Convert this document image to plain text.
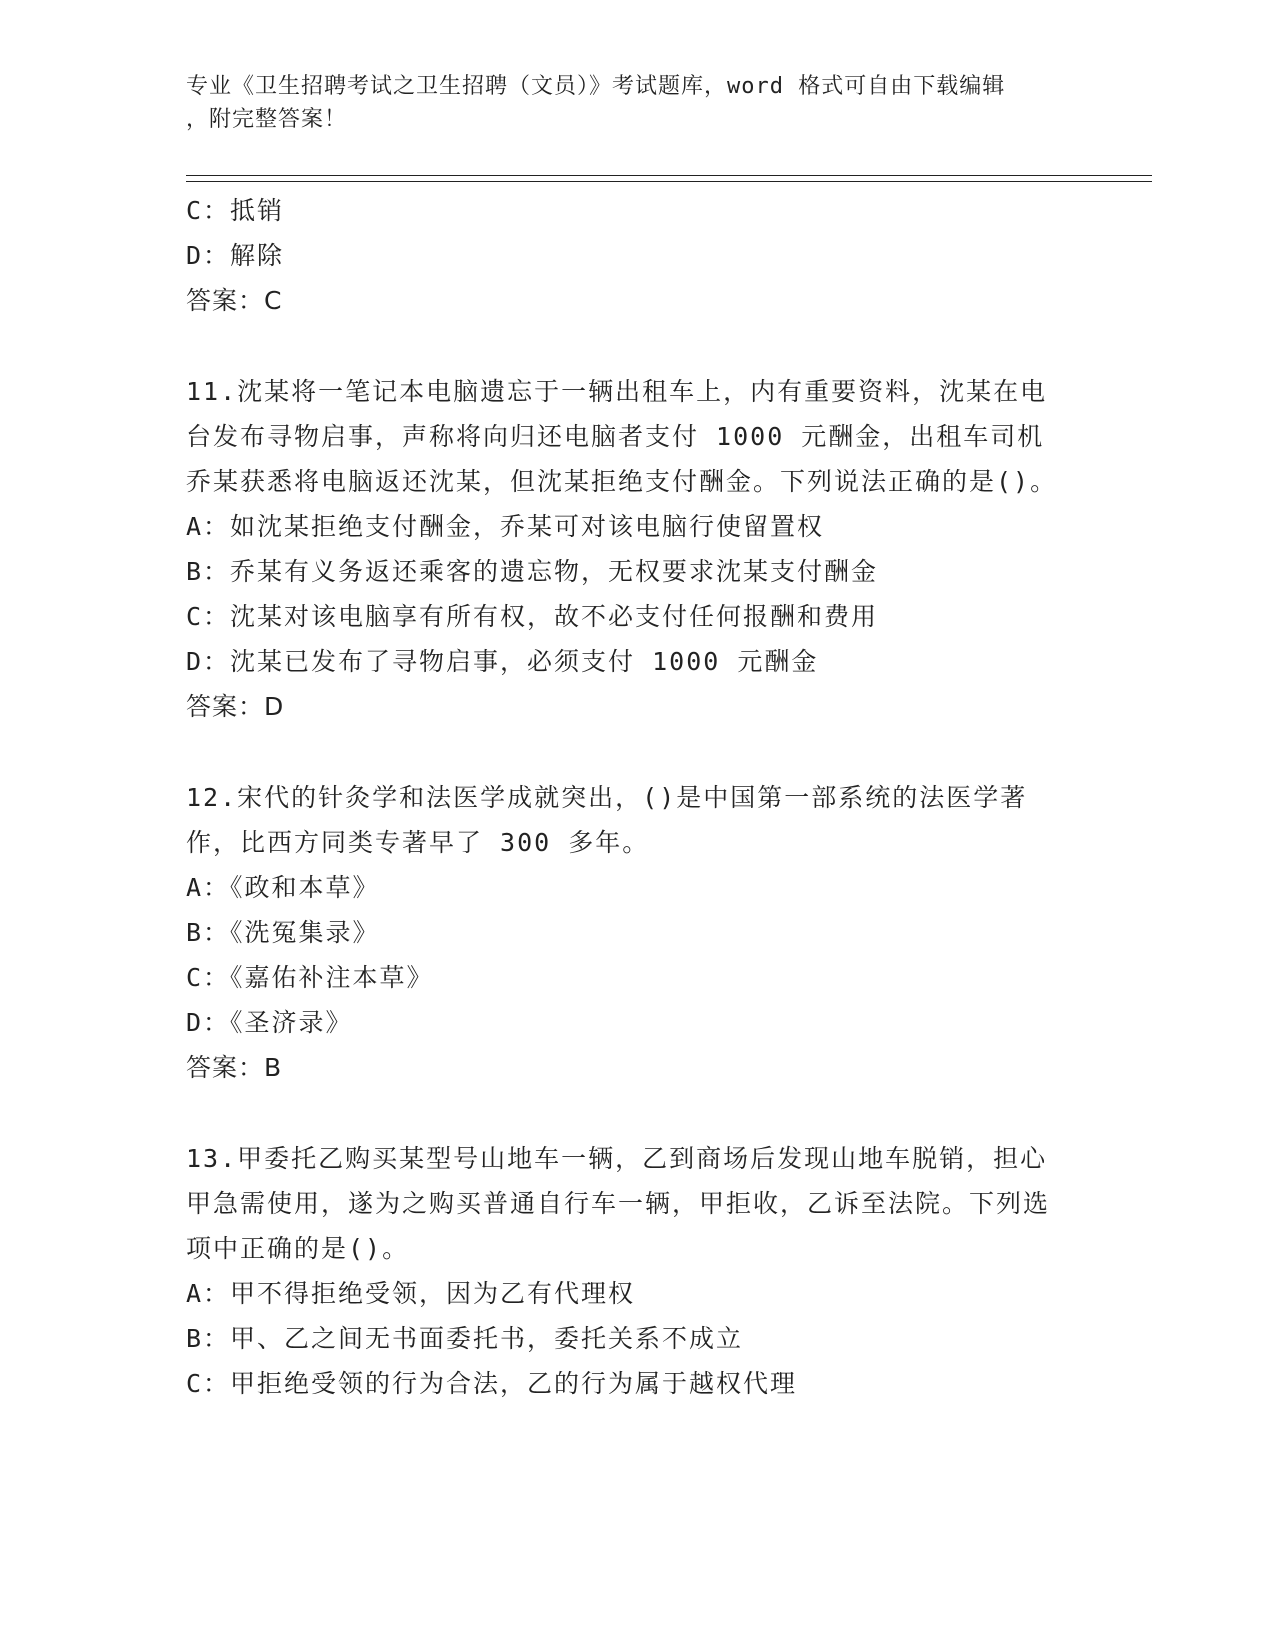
专业《卫生招聘考试之卫生招聘（文员）》考试题库，word 格式可自由下载编辑
，附完整答案！
C：抵销
D：解除
答案：C
11.沈某将一笔记本电脑遗忘于一辆出租车上，内有重要资料，沈某在电台发布寻物启事，声称将向归还电脑者支付 1000 元酬金，出租车司机乔某获悉将电脑返还沈某，但沈某拒绝支付酬金。下列说法正确的是()。
A：如沈某拒绝支付酬金，乔某可对该电脑行使留置权
B：乔某有义务返还乘客的遗忘物，无权要求沈某支付酬金
C：沈某对该电脑享有所有权，故不必支付任何报酬和费用
D：沈某已发布了寻物启事，必须支付 1000 元酬金
答案：D
12.宋代的针灸学和法医学成就突出，()是中国第一部系统的法医学著作，比西方同类专著早了 300 多年。
A：《政和本草》
B：《洗冤集录》
C：《嘉佑补注本草》
D：《圣济录》
答案：B
13.甲委托乙购买某型号山地车一辆，乙到商场后发现山地车脱销，担心甲急需使用，遂为之购买普通自行车一辆，甲拒收，乙诉至法院。下列选项中正确的是()。
A：甲不得拒绝受领，因为乙有代理权
B：甲、乙之间无书面委托书，委托关系不成立
C：甲拒绝受领的行为合法，乙的行为属于越权代理
